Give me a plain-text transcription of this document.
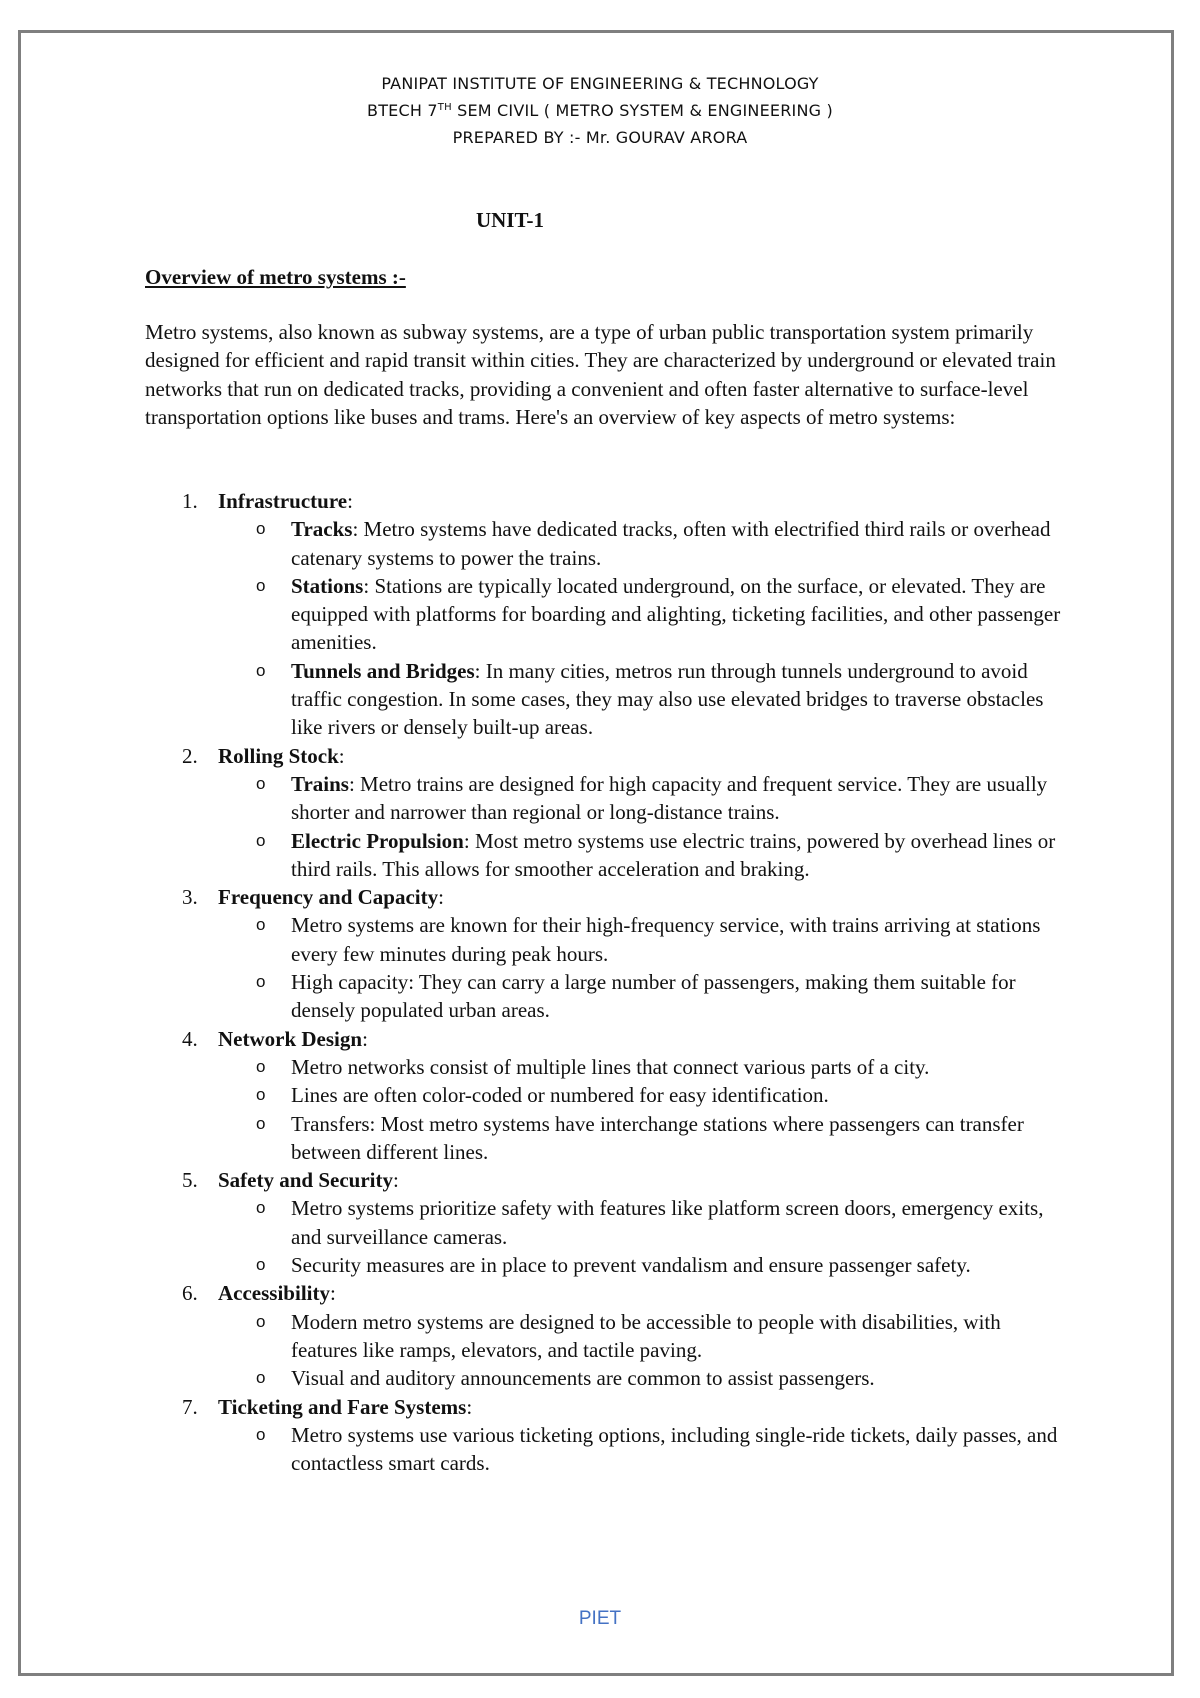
PANIPAT INSTITUTE OF ENGINEERING & TECHNOLOGY
BTECH 7TH SEM CIVIL ( METRO SYSTEM & ENGINEERING )
PREPARED BY :- Mr. GOURAV ARORA
UNIT-1
Overview of metro systems :-

Metro systems, also known as subway systems, are a type of urban public transportation system primarily designed for efficient and rapid transit within cities. They are characterized by underground or elevated train networks that run on dedicated tracks, providing a convenient and often faster alternative to surface-level transportation options like buses and trams. Here's an overview of key aspects of metro systems:

1. Infrastructure:
o Tracks: Metro systems have dedicated tracks, often with electrified third rails or overhead catenary systems to power the trains.
o Stations: Stations are typically located underground, on the surface, or elevated. They are equipped with platforms for boarding and alighting, ticketing facilities, and other passenger amenities.
o Tunnels and Bridges: In many cities, metros run through tunnels underground to avoid traffic congestion. In some cases, they may also use elevated bridges to traverse obstacles like rivers or densely built-up areas.
2. Rolling Stock:
o Trains: Metro trains are designed for high capacity and frequent service. They are usually shorter and narrower than regional or long-distance trains.
o Electric Propulsion: Most metro systems use electric trains, powered by overhead lines or third rails. This allows for smoother acceleration and braking.
3. Frequency and Capacity:
o Metro systems are known for their high-frequency service, with trains arriving at stations every few minutes during peak hours.
o High capacity: They can carry a large number of passengers, making them suitable for densely populated urban areas.
4. Network Design:
o Metro networks consist of multiple lines that connect various parts of a city.
o Lines are often color-coded or numbered for easy identification.
o Transfers: Most metro systems have interchange stations where passengers can transfer between different lines.
5. Safety and Security:
o Metro systems prioritize safety with features like platform screen doors, emergency exits, and surveillance cameras.
o Security measures are in place to prevent vandalism and ensure passenger safety.
6. Accessibility:
o Modern metro systems are designed to be accessible to people with disabilities, with features like ramps, elevators, and tactile paving.
o Visual and auditory announcements are common to assist passengers.
7. Ticketing and Fare Systems:
o Metro systems use various ticketing options, including single-ride tickets, daily passes, and contactless smart cards.
PIET
